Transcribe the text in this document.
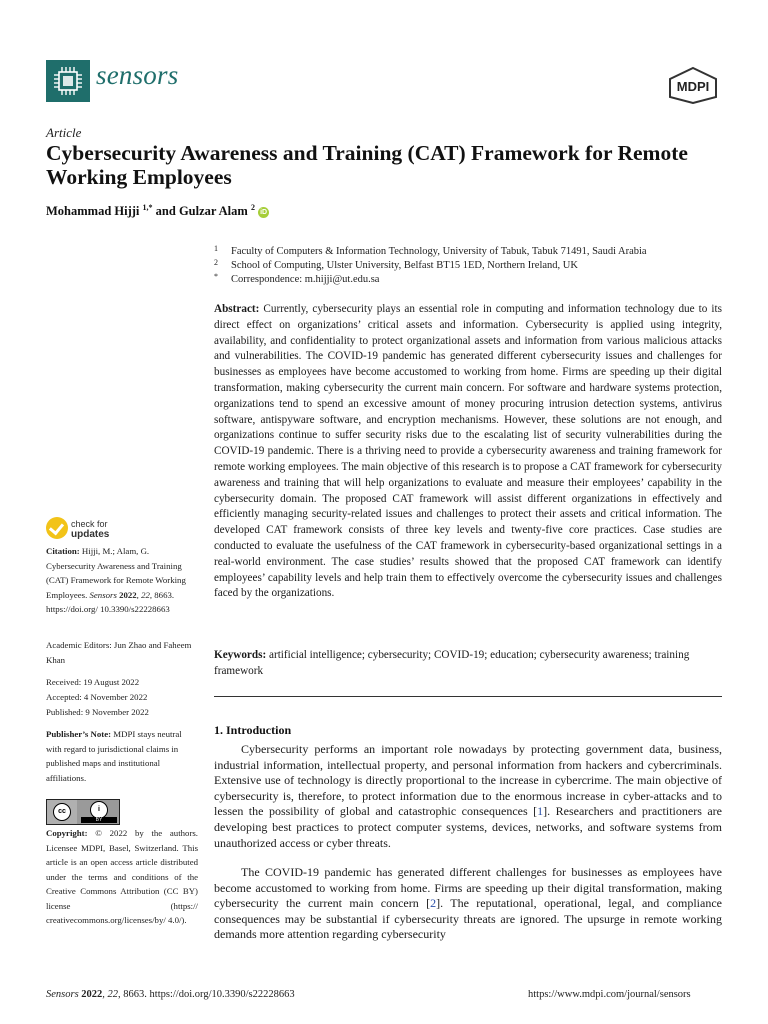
sensors	MDPI
Article
Cybersecurity Awareness and Training (CAT) Framework for Remote Working Employees
Mohammad Hijji $^{1,*}$ and Gulzar Alam $^2$ iD
1 Faculty of Computers & Information Technology, University of Tabuk, Tabuk 71491, Saudi Arabia
2 School of Computing, Ulster University, Belfast BT15 1ED, Northern Ireland, UK
* Correspondence: m.hijji@ut.edu.sa
Abstract: Currently, cybersecurity plays an essential role in computing and information technology due to its direct effect on organizations’ critical assets and information. Cybersecurity is applied using integrity, availability, and confidentiality to protect organizational assets and information from various malicious attacks and vulnerabilities. The COVID-19 pandemic has generated different cybersecurity issues and challenges for businesses as employees have become accustomed to working from home. Firms are speeding up their digital transformation, making cybersecurity the current main concern. For software and hardware systems protection, organizations tend to spend an excessive amount of money procuring intrusion detection systems, antivirus software, antispyware software, and encryption mechanisms. However, these solutions are not enough, and organizations continue to suffer security risks due to the escalating list of security vulnerabilities during the COVID-19 pandemic. There is a thriving need to provide a cybersecurity awareness and training framework for remote working employees. The main objective of this research is to propose a CAT framework for cybersecurity awareness and training that will help organizations to evaluate and measure their employees’ capability in the cybersecurity domain. The proposed CAT framework will assist different organizations in effectively and efficiently managing security-related issues and challenges to protect their assets and critical information. The developed CAT framework consists of three key levels and twenty-five core practices. Case studies are conducted to evaluate the usefulness of the CAT framework in cybersecurity-based organizational settings in a real-world environment. The case studies’ results showed that the proposed CAT framework can identify employees’ capability levels and help train them to effectively overcome the cybersecurity issues and challenges faced by the organizations.
Keywords: artificial intelligence; cybersecurity; COVID-19; education; cybersecurity awareness; training framework
1. Introduction
Cybersecurity performs an important role nowadays by protecting government data, business, industrial information, intellectual property, and personal information from hackers and cybercriminals. Extensive use of technology is directly proportional to the increase in cybercrime. The main objective of cybersecurity is, therefore, to protect information due to the enormous increase in cyber-attacks and to lessen the possibility of global and catastrophic consequences [1]. Researchers and practitioners are developing best practices to protect computer systems, devices, networks, and software systems from unauthorized access or cyber threats.
The COVID-19 pandemic has generated different challenges for businesses as employees have become accustomed to working from home. Firms are speeding up their digital transformation, making cybersecurity the current main concern [2]. The reputational, operational, legal, and compliance consequences may be substantial if cybersecurity threats are ignored. The upsurge in remote working demands more attention regarding cybersecurity
check for
updates
Citation: Hijji, M.; Alam, G. Cybersecurity Awareness and Training (CAT) Framework for Remote Working Employees. Sensors 2022, 22, 8663. https://doi.org/ 10.3390/s22228663
Academic Editors: Jun Zhao and Faheem Khan
Received: 19 August 2022
Accepted: 4 November 2022
Published: 9 November 2022
Publisher’s Note: MDPI stays neutral with regard to jurisdictional claims in published maps and institutional affiliations.
cc	i
BY
Copyright: © 2022 by the authors. Licensee MDPI, Basel, Switzerland. This article is an open access article distributed under the terms and conditions of the Creative Commons Attribution (CC BY) license (https:// creativecommons.org/licenses/by/ 4.0/).
Sensors 2022, 22, 8663. https://doi.org/10.3390/s22228663	https://www.mdpi.com/journal/sensors
